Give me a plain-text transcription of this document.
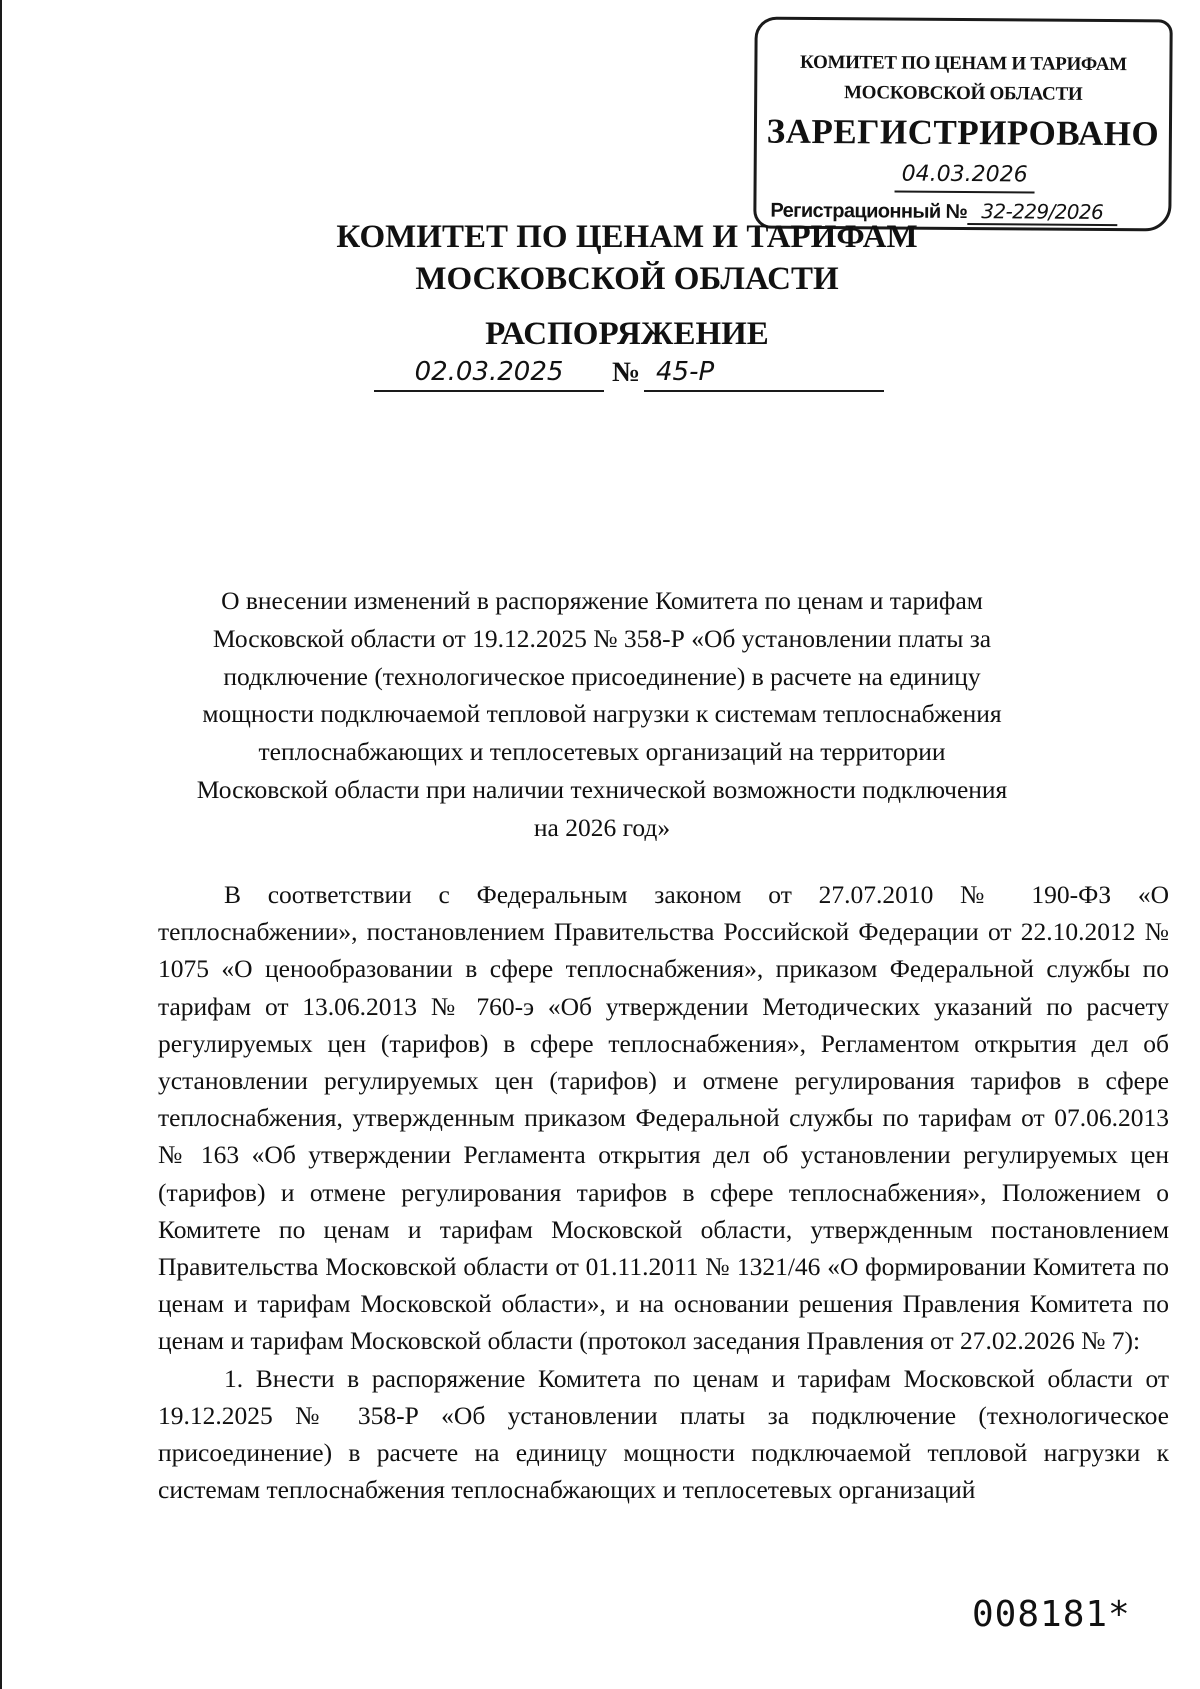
КОМИТЕТ ПО ЦЕНАМ И ТАРИФАМ
МОСКОВСКОЙ ОБЛАСТИ
ЗАРЕГИСТРИРОВАНО
04.03.2026
Регистрационный № 32-229/2026
КОМИТЕТ ПО ЦЕНАМ И ТАРИФАМ
МОСКОВСКОЙ ОБЛАСТИ
РАСПОРЯЖЕНИЕ
02.03.2025	№ 45-Р
О внесении изменений в распоряжение Комитета по ценам и тарифам Московской области от 19.12.2025 № 358-Р «Об установлении платы за подключение (технологическое присоединение) в расчете на единицу мощности подключаемой тепловой нагрузки к системам теплоснабжения теплоснабжающих и теплосетевых организаций на территории Московской области при наличии технической возможности подключения на 2026 год»

В соответствии с Федеральным законом от 27.07.2010 № 190-ФЗ «О теплоснабжении», постановлением Правительства Российской Федерации от 22.10.2012 № 1075 «О ценообразовании в сфере теплоснабжения», приказом Федеральной службы по тарифам от 13.06.2013 № 760-э «Об утверждении Методических указаний по расчету регулируемых цен (тарифов) в сфере теплоснабжения», Регламентом открытия дел об установлении регулируемых цен (тарифов) и отмене регулирования тарифов в сфере теплоснабжения, утвержденным приказом Федеральной службы по тарифам от 07.06.2013 № 163 «Об утверждении Регламента открытия дел об установлении регулируемых цен (тарифов) и отмене регулирования тарифов в сфере теплоснабжения», Положением о Комитете по ценам и тарифам Московской области, утвержденным постановлением Правительства Московской области от 01.11.2011 № 1321/46 «О формировании Комитета по ценам и тарифам Московской области», и на основании решения Правления Комитета по ценам и тарифам Московской области (протокол заседания Правления от 27.02.2026 № 7):

1. Внести в распоряжение Комитета по ценам и тарифам Московской области от 19.12.2025 № 358-Р «Об установлении платы за подключение (технологическое присоединение) в расчете на единицу мощности подключаемой тепловой нагрузки к системам теплоснабжения теплоснабжающих и теплосетевых организаций

008181*
